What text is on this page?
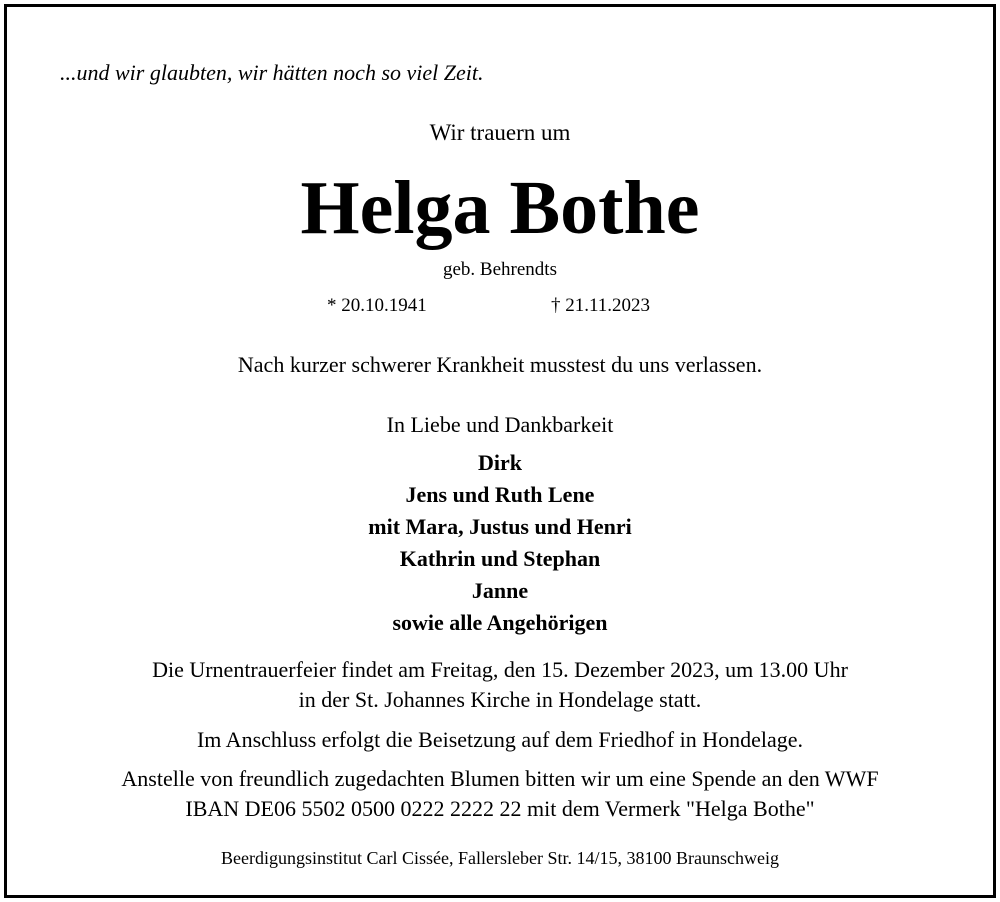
...und wir glaubten, wir hätten noch so viel Zeit.
Wir trauern um
Helga Bothe
geb. Behrendts
* 20.10.1941	† 21.11.2023
Nach kurzer schwerer Krankheit musstest du uns verlassen.
In Liebe und Dankbarkeit
Dirk
Jens und Ruth Lene
mit Mara, Justus und Henri
Kathrin und Stephan
Janne
sowie alle Angehörigen
Die Urnentrauerfeier findet am Freitag, den 15. Dezember 2023, um 13.00 Uhr
in der St. Johannes Kirche in Hondelage statt.
Im Anschluss erfolgt die Beisetzung auf dem Friedhof in Hondelage.
Anstelle von freundlich zugedachten Blumen bitten wir um eine Spende an den WWF
IBAN DE06 5502 0500 0222 2222 22 mit dem Vermerk "Helga Bothe"
Beerdigungsinstitut Carl Cissée, Fallersleber Str. 14/15, 38100 Braunschweig
